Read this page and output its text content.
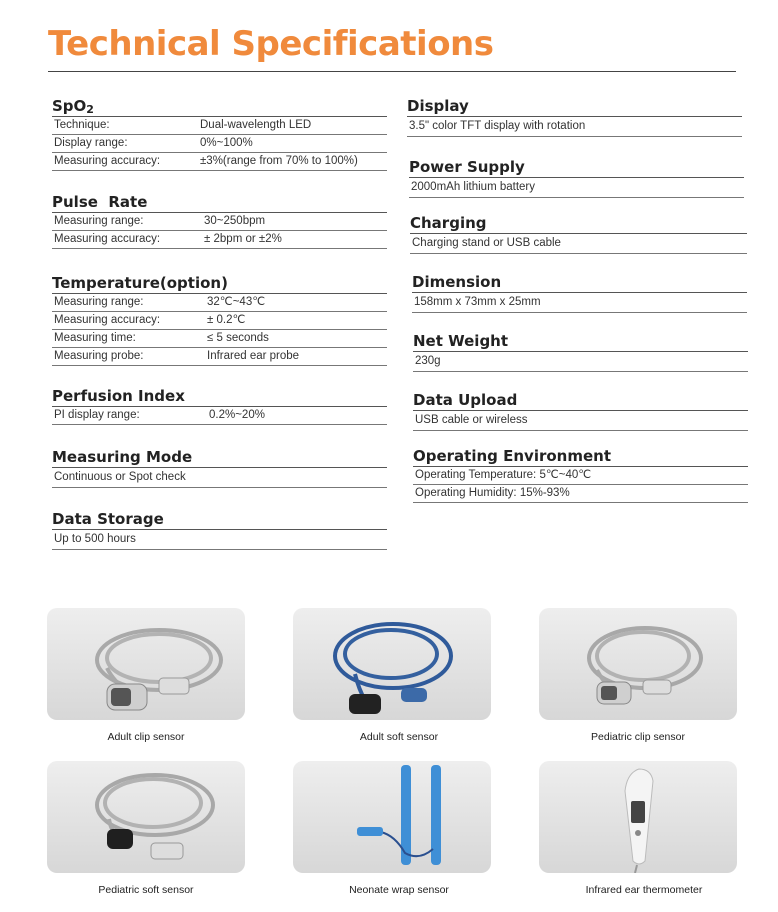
Technical Specifications
SpO2
Technique:	Dual-wavelength LED
Display range:	0%~100%
Measuring accuracy:	±3%(range from 70% to 100%)
Pulse  Rate
Measuring range:	30~250bpm
Measuring accuracy:	± 2bpm or ±2%
Temperature(option)
Measuring range:	32℃~43℃
Measuring accuracy:	± 0.2℃
Measuring time:	≤ 5 seconds
Measuring probe:	Infrared ear probe
Perfusion Index
PI display range:	0.2%~20%
Measuring Mode
Continuous or Spot check
Data Storage
Up to 500 hours
Display
3.5" color TFT display with rotation
Power Supply
2000mAh lithium battery
Charging
Charging stand or USB cable
Dimension
158mm x 73mm x 25mm
Net Weight
230g
Data Upload
USB cable or wireless
Operating Environment
Operating Temperature: 5℃~40℃
Operating Humidity: 15%-93%
Adult clip sensor	Adult soft sensor	Pediatric clip sensor
Pediatric soft sensor	Neonate wrap sensor	Infrared ear thermometer
